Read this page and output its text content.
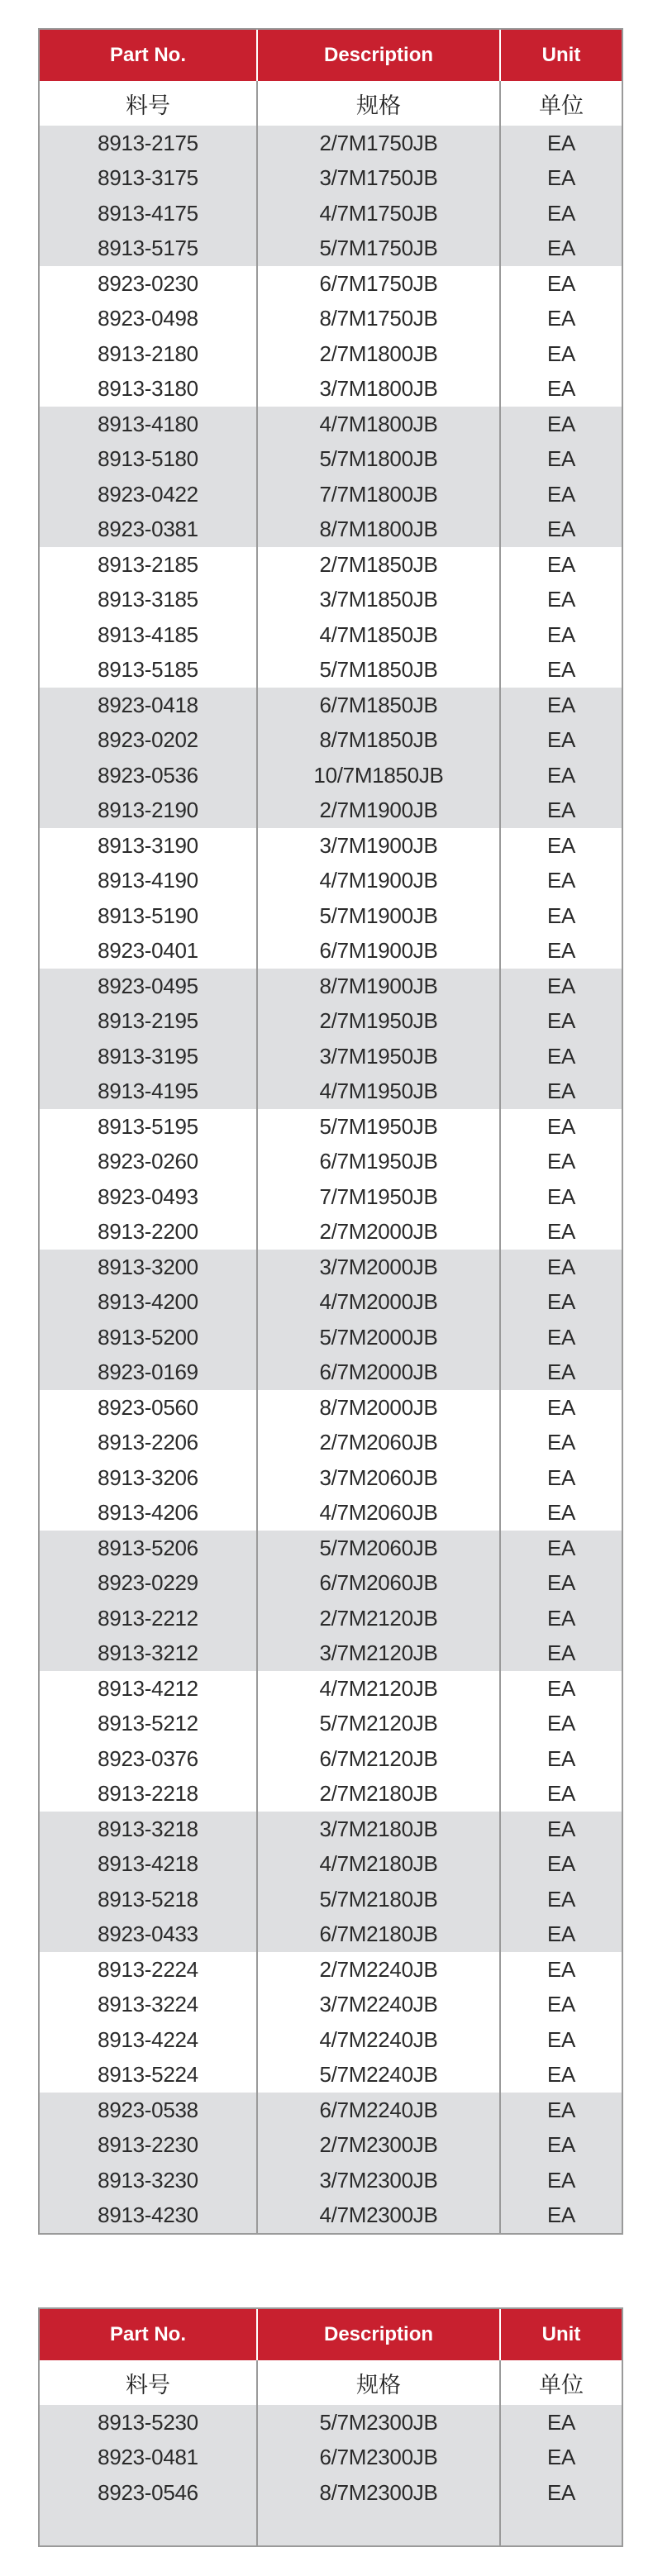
Part No.	Description	Unit
料号	规格	单位
8913-2175	2/7M1750JB	EA
8913-3175	3/7M1750JB	EA
8913-4175	4/7M1750JB	EA
8913-5175	5/7M1750JB	EA
8923-0230	6/7M1750JB	EA
8923-0498	8/7M1750JB	EA
8913-2180	2/7M1800JB	EA
8913-3180	3/7M1800JB	EA
8913-4180	4/7M1800JB	EA
8913-5180	5/7M1800JB	EA
8923-0422	7/7M1800JB	EA
8923-0381	8/7M1800JB	EA
8913-2185	2/7M1850JB	EA
8913-3185	3/7M1850JB	EA
8913-4185	4/7M1850JB	EA
8913-5185	5/7M1850JB	EA
8923-0418	6/7M1850JB	EA
8923-0202	8/7M1850JB	EA
8923-0536	10/7M1850JB	EA
8913-2190	2/7M1900JB	EA
8913-3190	3/7M1900JB	EA
8913-4190	4/7M1900JB	EA
8913-5190	5/7M1900JB	EA
8923-0401	6/7M1900JB	EA
8923-0495	8/7M1900JB	EA
8913-2195	2/7M1950JB	EA
8913-3195	3/7M1950JB	EA
8913-4195	4/7M1950JB	EA
8913-5195	5/7M1950JB	EA
8923-0260	6/7M1950JB	EA
8923-0493	7/7M1950JB	EA
8913-2200	2/7M2000JB	EA
8913-3200	3/7M2000JB	EA
8913-4200	4/7M2000JB	EA
8913-5200	5/7M2000JB	EA
8923-0169	6/7M2000JB	EA
8923-0560	8/7M2000JB	EA
8913-2206	2/7M2060JB	EA
8913-3206	3/7M2060JB	EA
8913-4206	4/7M2060JB	EA
8913-5206	5/7M2060JB	EA
8923-0229	6/7M2060JB	EA
8913-2212	2/7M2120JB	EA
8913-3212	3/7M2120JB	EA
8913-4212	4/7M2120JB	EA
8913-5212	5/7M2120JB	EA
8923-0376	6/7M2120JB	EA
8913-2218	2/7M2180JB	EA
8913-3218	3/7M2180JB	EA
8913-4218	4/7M2180JB	EA
8913-5218	5/7M2180JB	EA
8923-0433	6/7M2180JB	EA
8913-2224	2/7M2240JB	EA
8913-3224	3/7M2240JB	EA
8913-4224	4/7M2240JB	EA
8913-5224	5/7M2240JB	EA
8923-0538	6/7M2240JB	EA
8913-2230	2/7M2300JB	EA
8913-3230	3/7M2300JB	EA
8913-4230	4/7M2300JB	EA
Part No.	Description	Unit
料号	规格	单位
8913-5230	5/7M2300JB	EA
8923-0481	6/7M2300JB	EA
8923-0546	8/7M2300JB	EA
